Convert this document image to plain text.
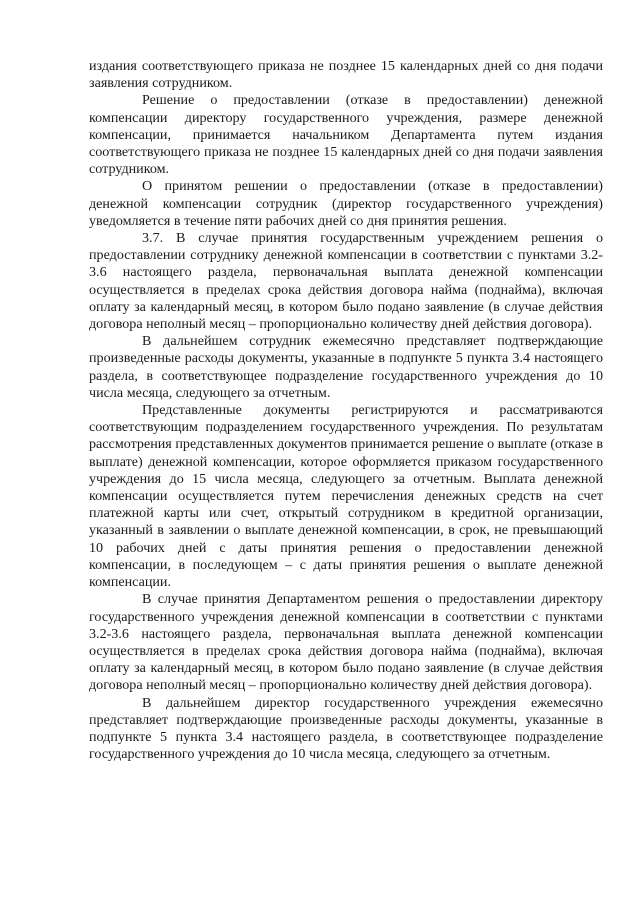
издания соответствующего приказа не позднее 15 календарных дней со дня подачи заявления сотрудником.

Решение о предоставлении (отказе в предоставлении) денежной компенсации директору государственного учреждения, размере денежной компенсации, принимается начальником Департамента путем издания соответствующего приказа не позднее 15 календарных дней со дня подачи заявления сотрудником.

О принятом решении о предоставлении (отказе в предоставлении) денежной компенсации сотрудник (директор государственного учреждения) уведомляется в течение пяти рабочих дней со дня принятия решения.

3.7. В случае принятия государственным учреждением решения о предоставлении сотруднику денежной компенсации в соответствии с пунктами 3.2-3.6 настоящего раздела, первоначальная выплата денежной компенсации осуществляется в пределах срока действия договора найма (поднайма), включая оплату за календарный месяц, в котором было подано заявление (в случае действия договора неполный месяц – пропорционально количеству дней действия договора).

В дальнейшем сотрудник ежемесячно представляет подтверждающие произведенные расходы документы, указанные в подпункте 5 пункта 3.4 настоящего раздела, в соответствующее подразделение государственного учреждения до 10 числа месяца, следующего за отчетным.

Представленные документы регистрируются и рассматриваются соответствующим подразделением государственного учреждения. По результатам рассмотрения представленных документов принимается решение о выплате (отказе в выплате) денежной компенсации, которое оформляется приказом государственного учреждения до 15 числа месяца, следующего за отчетным. Выплата денежной компенсации осуществляется путем перечисления денежных средств на счет платежной карты или счет, открытый сотрудником в кредитной организации, указанный в заявлении о выплате денежной компенсации, в срок, не превышающий 10 рабочих дней с даты принятия решения о предоставлении денежной компенсации, в последующем – с даты принятия решения о выплате денежной компенсации.

В случае принятия Департаментом решения о предоставлении директору государственного учреждения денежной компенсации в соответствии с пунктами 3.2-3.6 настоящего раздела, первоначальная выплата денежной компенсации осуществляется в пределах срока действия договора найма (поднайма), включая оплату за календарный месяц, в котором было подано заявление (в случае действия договора неполный месяц – пропорционально количеству дней действия договора).

В дальнейшем директор государственного учреждения ежемесячно представляет подтверждающие произведенные расходы документы, указанные в подпункте 5 пункта 3.4 настоящего раздела, в соответствующее подразделение государственного учреждения до 10 числа месяца, следующего за отчетным.
